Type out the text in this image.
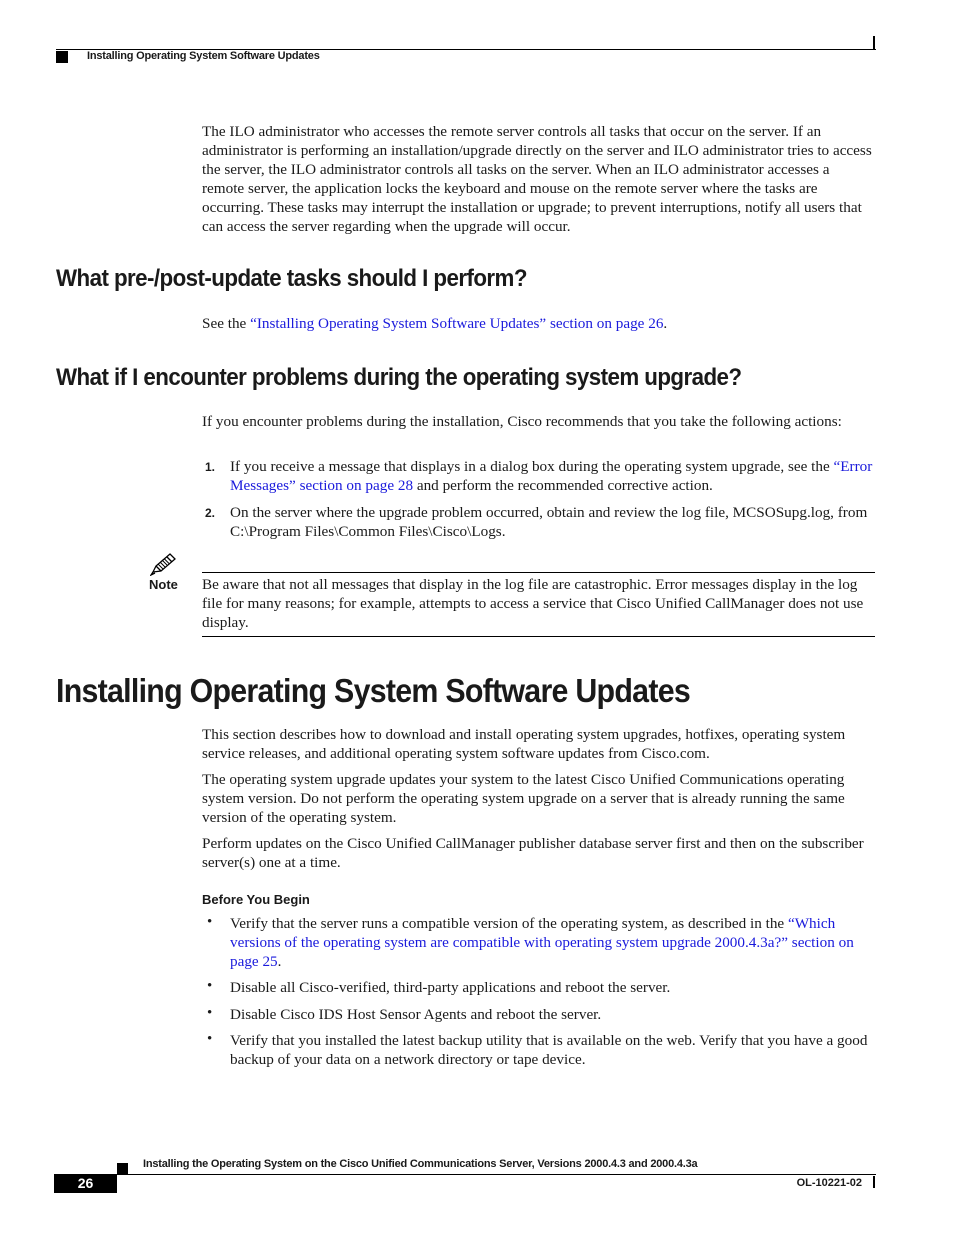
Installing Operating System Software Updates
The ILO administrator who accesses the remote server controls all tasks that occur on the server. If an administrator is performing an installation/upgrade directly on the server and ILO administrator tries to access the server, the ILO administrator controls all tasks on the server. When an ILO administrator accesses a remote server, the application locks the keyboard and mouse on the remote server where the tasks are occurring. These tasks may interrupt the installation or upgrade; to prevent interruptions, notify all users that can access the server regarding when the upgrade will occur.
What pre-/post-update tasks should I perform?
See the “Installing Operating System Software Updates” section on page 26.
What if I encounter problems during the operating system upgrade?
If you encounter problems during the installation, Cisco recommends that you take the following actions:
1. If you receive a message that displays in a dialog box during the operating system upgrade, see the “Error Messages” section on page 28 and perform the recommended corrective action.
2. On the server where the upgrade problem occurred, obtain and review the log file, MCSOSupg.log, from C:\Program Files\Common Files\Cisco\Logs.
Note Be aware that not all messages that display in the log file are catastrophic. Error messages display in the log file for many reasons; for example, attempts to access a service that Cisco Unified CallManager does not use display.
Installing Operating System Software Updates
This section describes how to download and install operating system upgrades, hotfixes, operating system service releases, and additional operating system software updates from Cisco.com.
The operating system upgrade updates your system to the latest Cisco Unified Communications operating system version. Do not perform the operating system upgrade on a server that is already running the same version of the operating system.
Perform updates on the Cisco Unified CallManager publisher database server first and then on the subscriber server(s) one at a time.
Before You Begin
• Verify that the server runs a compatible version of the operating system, as described in the “Which versions of the operating system are compatible with operating system upgrade 2000.4.3a?” section on page 25.
• Disable all Cisco-verified, third-party applications and reboot the server.
• Disable Cisco IDS Host Sensor Agents and reboot the server.
• Verify that you installed the latest backup utility that is available on the web. Verify that you have a good backup of your data on a network directory or tape device.
Installing the Operating System on the Cisco Unified Communications Server, Versions 2000.4.3 and 2000.4.3a
26	OL-10221-02
